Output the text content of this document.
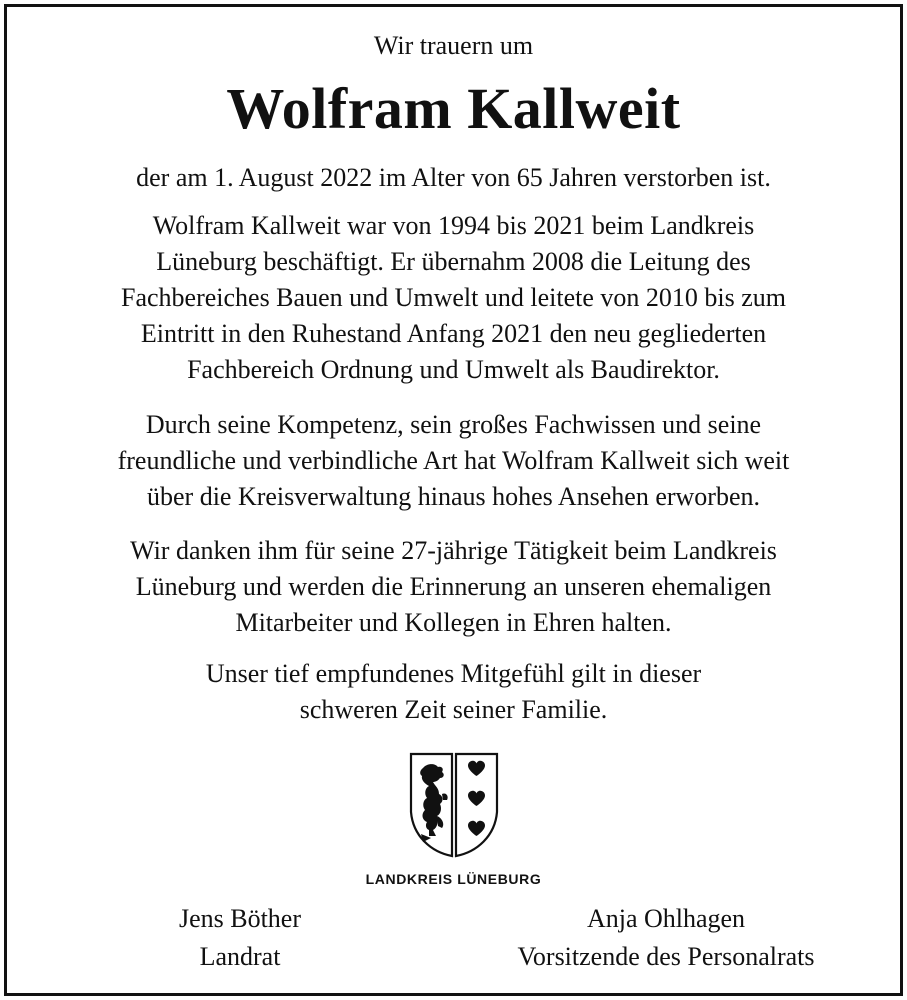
Wir trauern um
Wolfram Kallweit
der am 1. August 2022 im Alter von 65 Jahren verstorben ist.
Wolfram Kallweit war von 1994 bis 2021 beim Landkreis
Lüneburg beschäftigt. Er übernahm 2008 die Leitung des
Fachbereiches Bauen und Umwelt und leitete von 2010 bis zum
Eintritt in den Ruhestand Anfang 2021 den neu gegliederten
Fachbereich Ordnung und Umwelt als Baudirektor.
Durch seine Kompetenz, sein großes Fachwissen und seine
freundliche und verbindliche Art hat Wolfram Kallweit sich weit
über die Kreisverwaltung hinaus hohes Ansehen erworben.
Wir danken ihm für seine 27-jährige Tätigkeit beim Landkreis
Lüneburg und werden die Erinnerung an unseren ehemaligen
Mitarbeiter und Kollegen in Ehren halten.
Unser tief empfundenes Mitgefühl gilt in dieser
schweren Zeit seiner Familie.
LANDKREIS LÜNEBURG
Jens Böther
Landrat
Anja Ohlhagen
Vorsitzende des Personalrats
